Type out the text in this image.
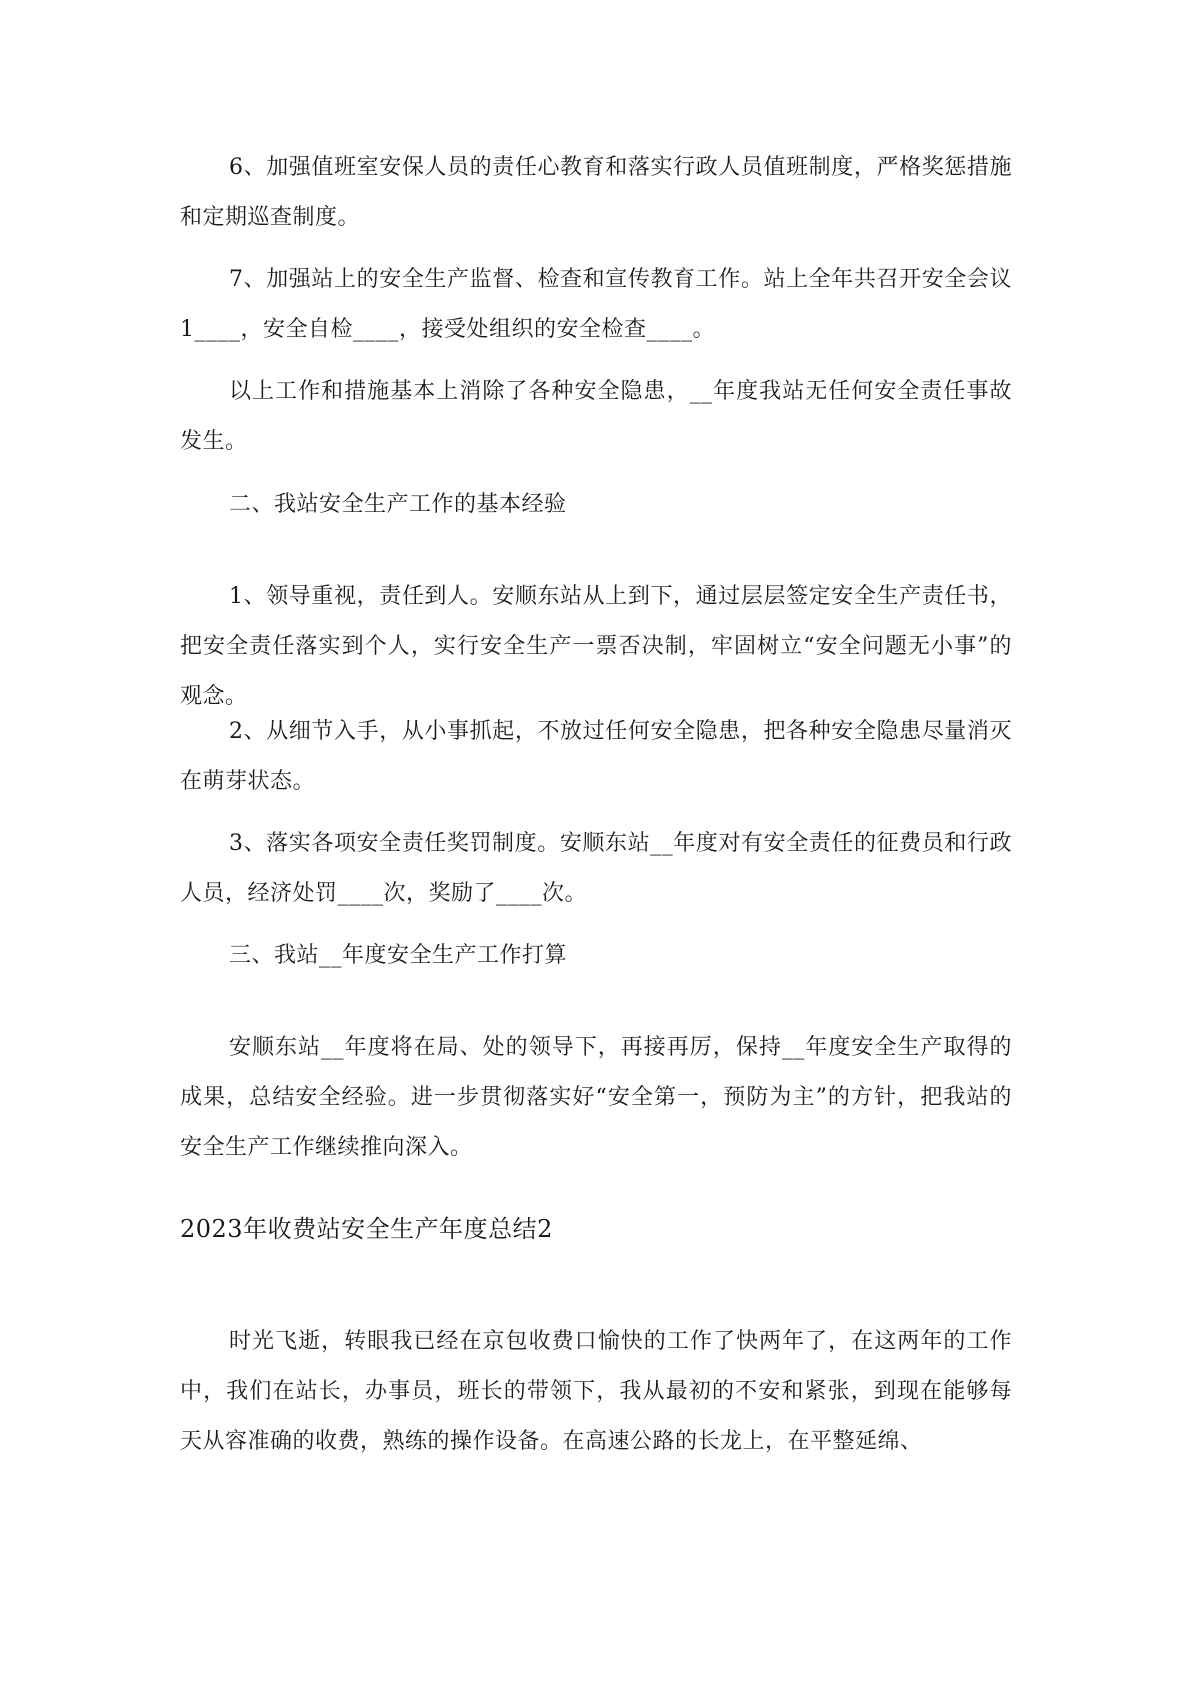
6、加强值班室安保人员的责任心教育和落实行政人员值班制度，严格奖惩措施和定期巡查制度。

7、加强站上的安全生产监督、检查和宣传教育工作。站上全年共召开安全会议1____，安全自检____，接受处组织的安全检查____。

以上工作和措施基本上消除了各种安全隐患，__年度我站无任何安全责任事故发生。

二、我站安全生产工作的基本经验

1、领导重视，责任到人。安顺东站从上到下，通过层层签定安全生产责任书，把安全责任落实到个人，实行安全生产一票否决制，牢固树立“安全问题无小事”的观念。

2、从细节入手，从小事抓起，不放过任何安全隐患，把各种安全隐患尽量消灭在萌芽状态。

3、落实各项安全责任奖罚制度。安顺东站__年度对有安全责任的征费员和行政人员，经济处罚____次，奖励了____次。

三、我站__年度安全生产工作打算

安顺东站__年度将在局、处的领导下，再接再厉，保持__年度安全生产取得的成果，总结安全经验。进一步贯彻落实好“安全第一，预防为主”的方针，把我站的安全生产工作继续推向深入。

2023年收费站安全生产年度总结2

时光飞逝，转眼我已经在京包收费口愉快的工作了快两年了，在这两年的工作中，我们在站长，办事员，班长的带领下，我从最初的不安和紧张，到现在能够每天从容准确的收费，熟练的操作设备。在高速公路的长龙上，在平整延绵、
